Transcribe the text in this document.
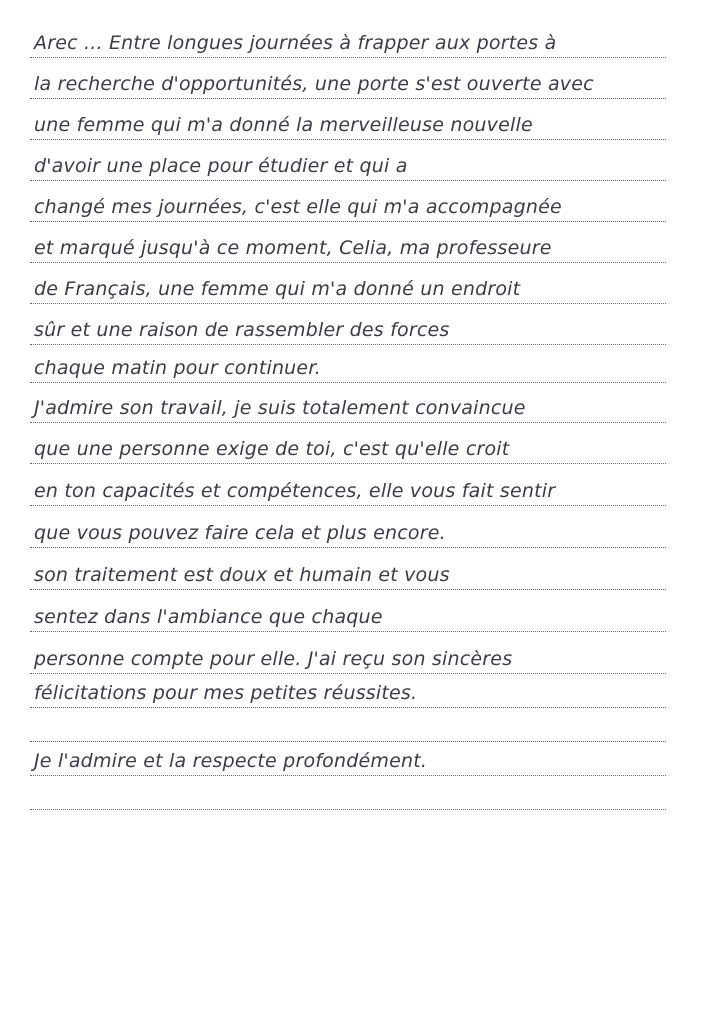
Arec ... Entre longues journées à frapper aux portes à
la recherche d'opportunités, une porte s'est ouverte avec
une femme qui m'a donné la merveilleuse nouvelle
d'avoir une place pour étudier et qui a
changé mes journées, c'est elle qui m'a accompagnée
et marqué jusqu'à ce moment, Celia, ma professeure
de Français, une femme qui m'a donné un endroit
sûr et une raison de rassembler des forces
chaque matin pour continuer.
J'admire son travail, je suis totalement convaincue
que une personne exige de toi, c'est qu'elle croit
en ton capacités et compétences, elle vous fait sentir
que vous pouvez faire cela et plus encore.
son traitement est doux et humain et vous
sentez dans l'ambiance que chaque
personne compte pour elle. J'ai reçu son sincères
félicitations pour mes petites réussites.
Je l'admire et la respecte profondément.
